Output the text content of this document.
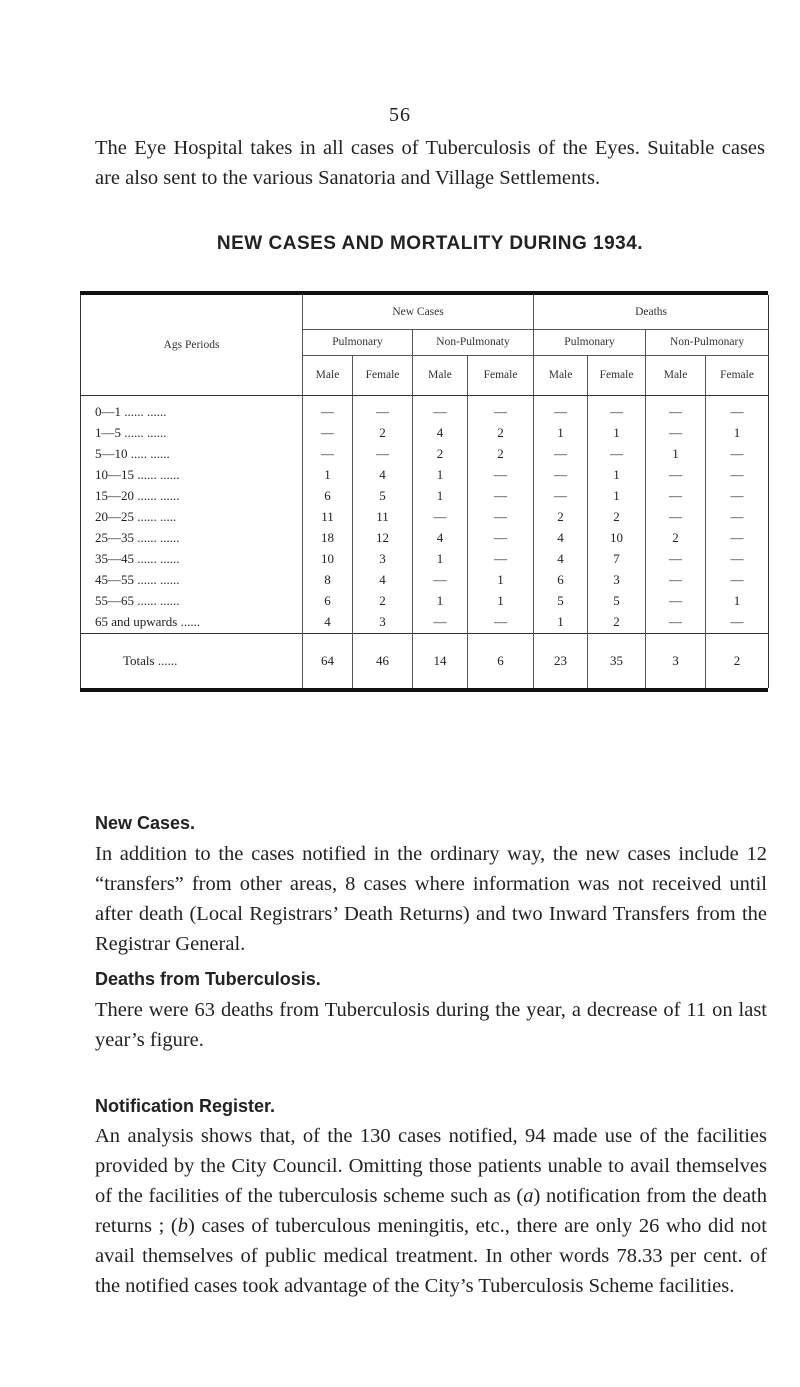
56

The Eye Hospital takes in all cases of Tuberculosis of the Eyes. Suitable cases are also sent to the various Sanatoria and Village Settlements.

NEW CASES AND MORTALITY DURING 1934.
Ags Periods	New Cases				Deaths			
	Pulmonary		Non-Pulmonaty		Pulmonary		Non-Pulmonary	
	Male	Female	Male	Female	Male	Female	Male	Female
0—1 ...... ......	—	—	—	—	—	—	—	—
1—5 ...... ......	—	2	4	2	1	1	—	1
5—10 ..... ......	—	—	2	2	—	—	1	—
10—15 ...... ......	1	4	1	—	—	1	—	—
15—20 ...... ......	6	5	1	—	—	1	—	—
20—25 ...... .....	11	11	—	—	2	2	—	—
25—35 ...... ......	18	12	4	—	4	10	2	—
35—45 ...... ......	10	3	1	—	4	7	—	—
45—55 ...... ......	8	4	—	1	6	3	—	—
55—65 ...... ......	6	2	1	1	5	5	—	1
65 and upwards ......	4	3	—	—	1	2	—	—
Totals ......	64	46	14	6	23	35	3	2
New Cases.

In addition to the cases notified in the ordinary way, the new cases include 12 “transfers” from other areas, 8 cases where information was not received until after death (Local Registrars’ Death Returns) and two Inward Transfers from the Registrar General.

Deaths from Tuberculosis.

There were 63 deaths from Tuberculosis during the year, a decrease of 11 on last year’s figure.

Notification Register.

An analysis shows that, of the 130 cases notified, 94 made use of the facilities provided by the City Council. Omitting those patients unable to avail themselves of the facilities of the tuberculosis scheme such as (a) notification from the death returns ; (b) cases of tuberculous meningitis, etc., there are only 26 who did not avail themselves of public medical treatment. In other words 78.33 per cent. of the notified cases took advantage of the City’s Tuberculosis Scheme facilities.
